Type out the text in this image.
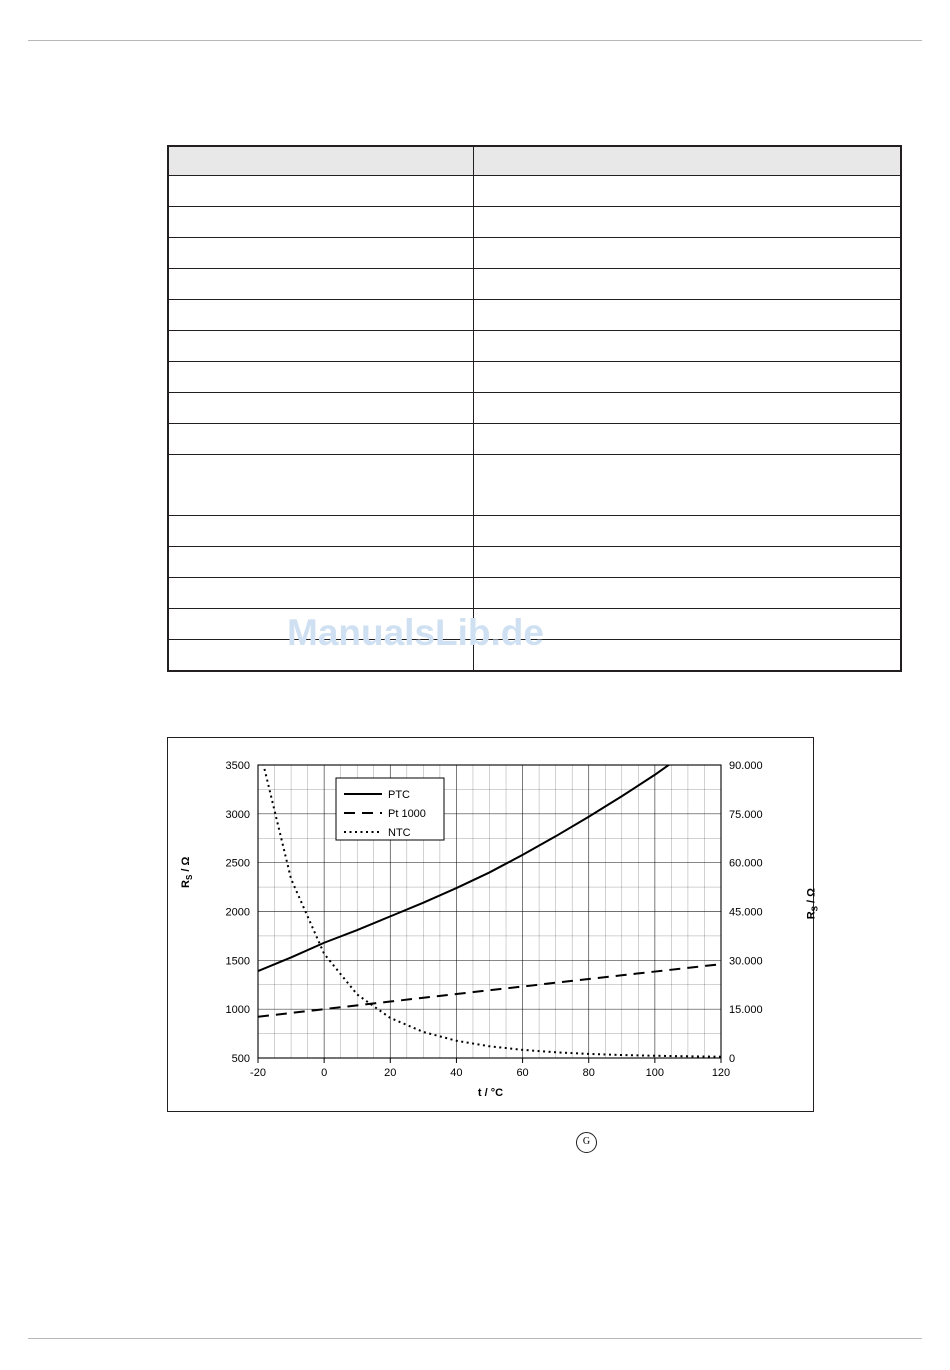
ManualsLib.de
-20	0	20	40	60	80	100	120
500
1000
1500
2000
2500
3000
3500
0
15.000
30.000
45.000
60.000
75.000
90.000
PTC
Pt 1000
NTC
$R_S$ / Ω
$R_S$ / Ω
t / °C
G
